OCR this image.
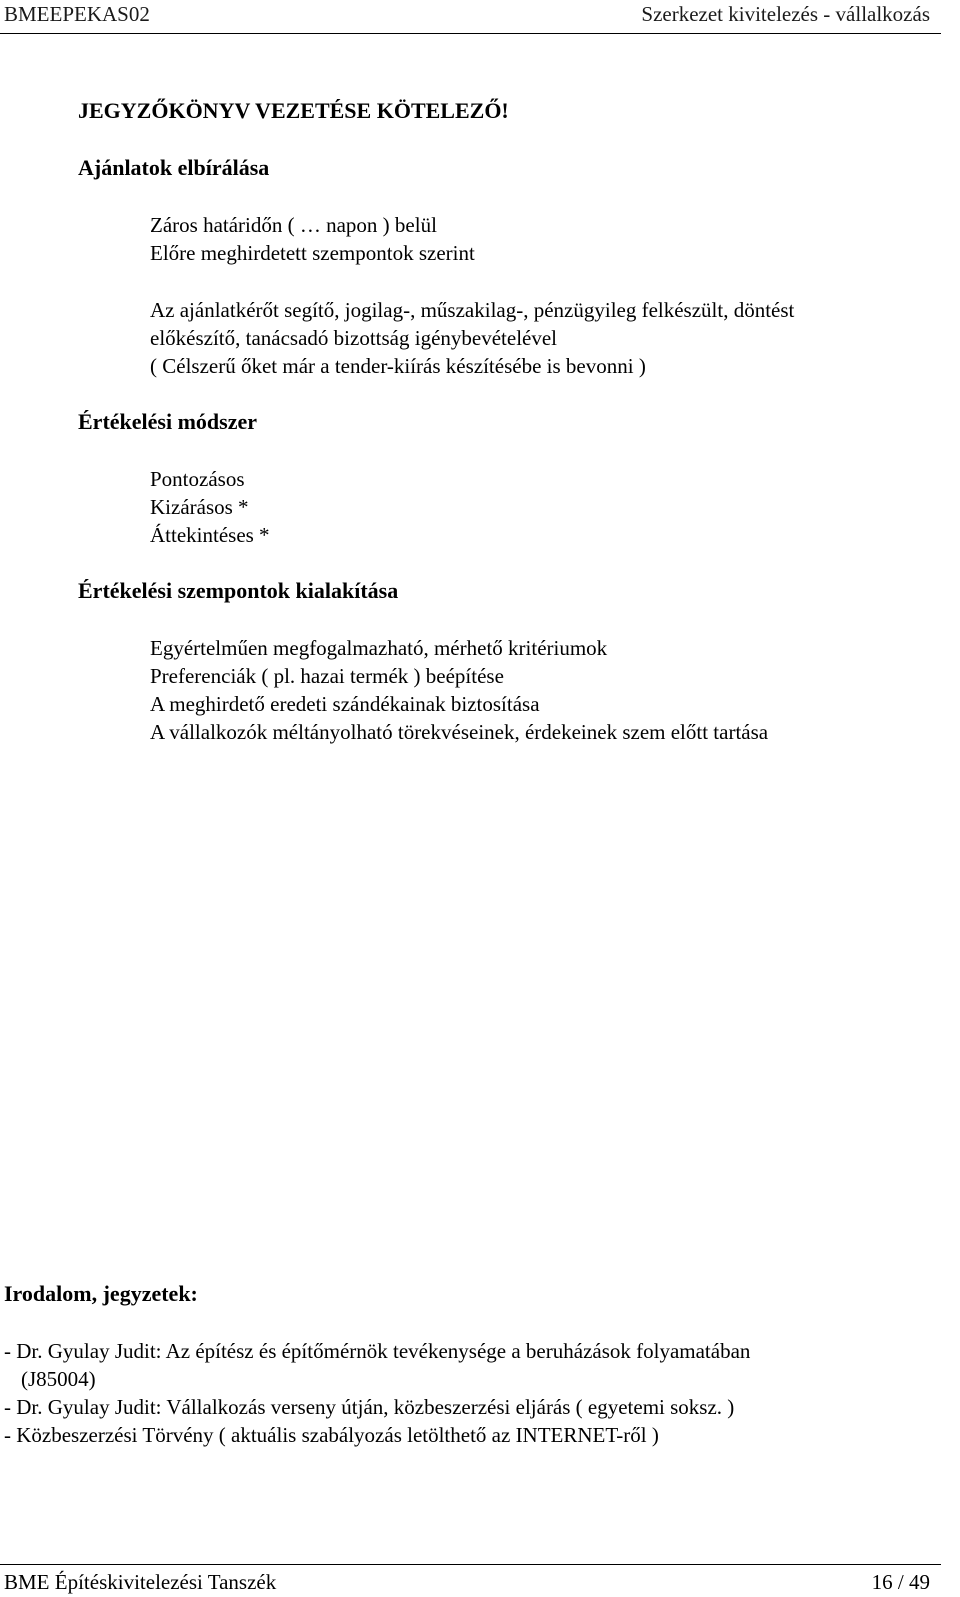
BMEEPEKAS02	Szerkezet kivitelezés - vállalkozás
JEGYZŐKÖNYV VEZETÉSE KÖTELEZŐ!
Ajánlatok elbírálása
Záros határidőn ( … napon ) belül
Előre meghirdetett szempontok szerint
Az ajánlatkérőt segítő, jogilag-, műszakilag-, pénzügyileg felkészült, döntést
előkészítő, tanácsadó bizottság igénybevételével
( Célszerű őket már a tender-kiírás készítésébe is bevonni )
Értékelési módszer
Pontozásos
Kizárásos *
Áttekintéses *
Értékelési szempontok kialakítása
Egyértelműen megfogalmazható, mérhető kritériumok
Preferenciák ( pl. hazai termék ) beépítése
A meghirdető eredeti szándékainak biztosítása
A vállalkozók méltányolható törekvéseinek, érdekeinek szem előtt tartása
Irodalom, jegyzetek:
- Dr. Gyulay Judit: Az építész és építőmérnök tevékenysége a beruházások folyamatában
(J85004)
- Dr. Gyulay Judit: Vállalkozás verseny útján, közbeszerzési eljárás ( egyetemi soksz. )
- Közbeszerzési Törvény ( aktuális szabályozás letölthető az INTERNET-ről )
BME Építéskivitelezési Tanszék	16 / 49
